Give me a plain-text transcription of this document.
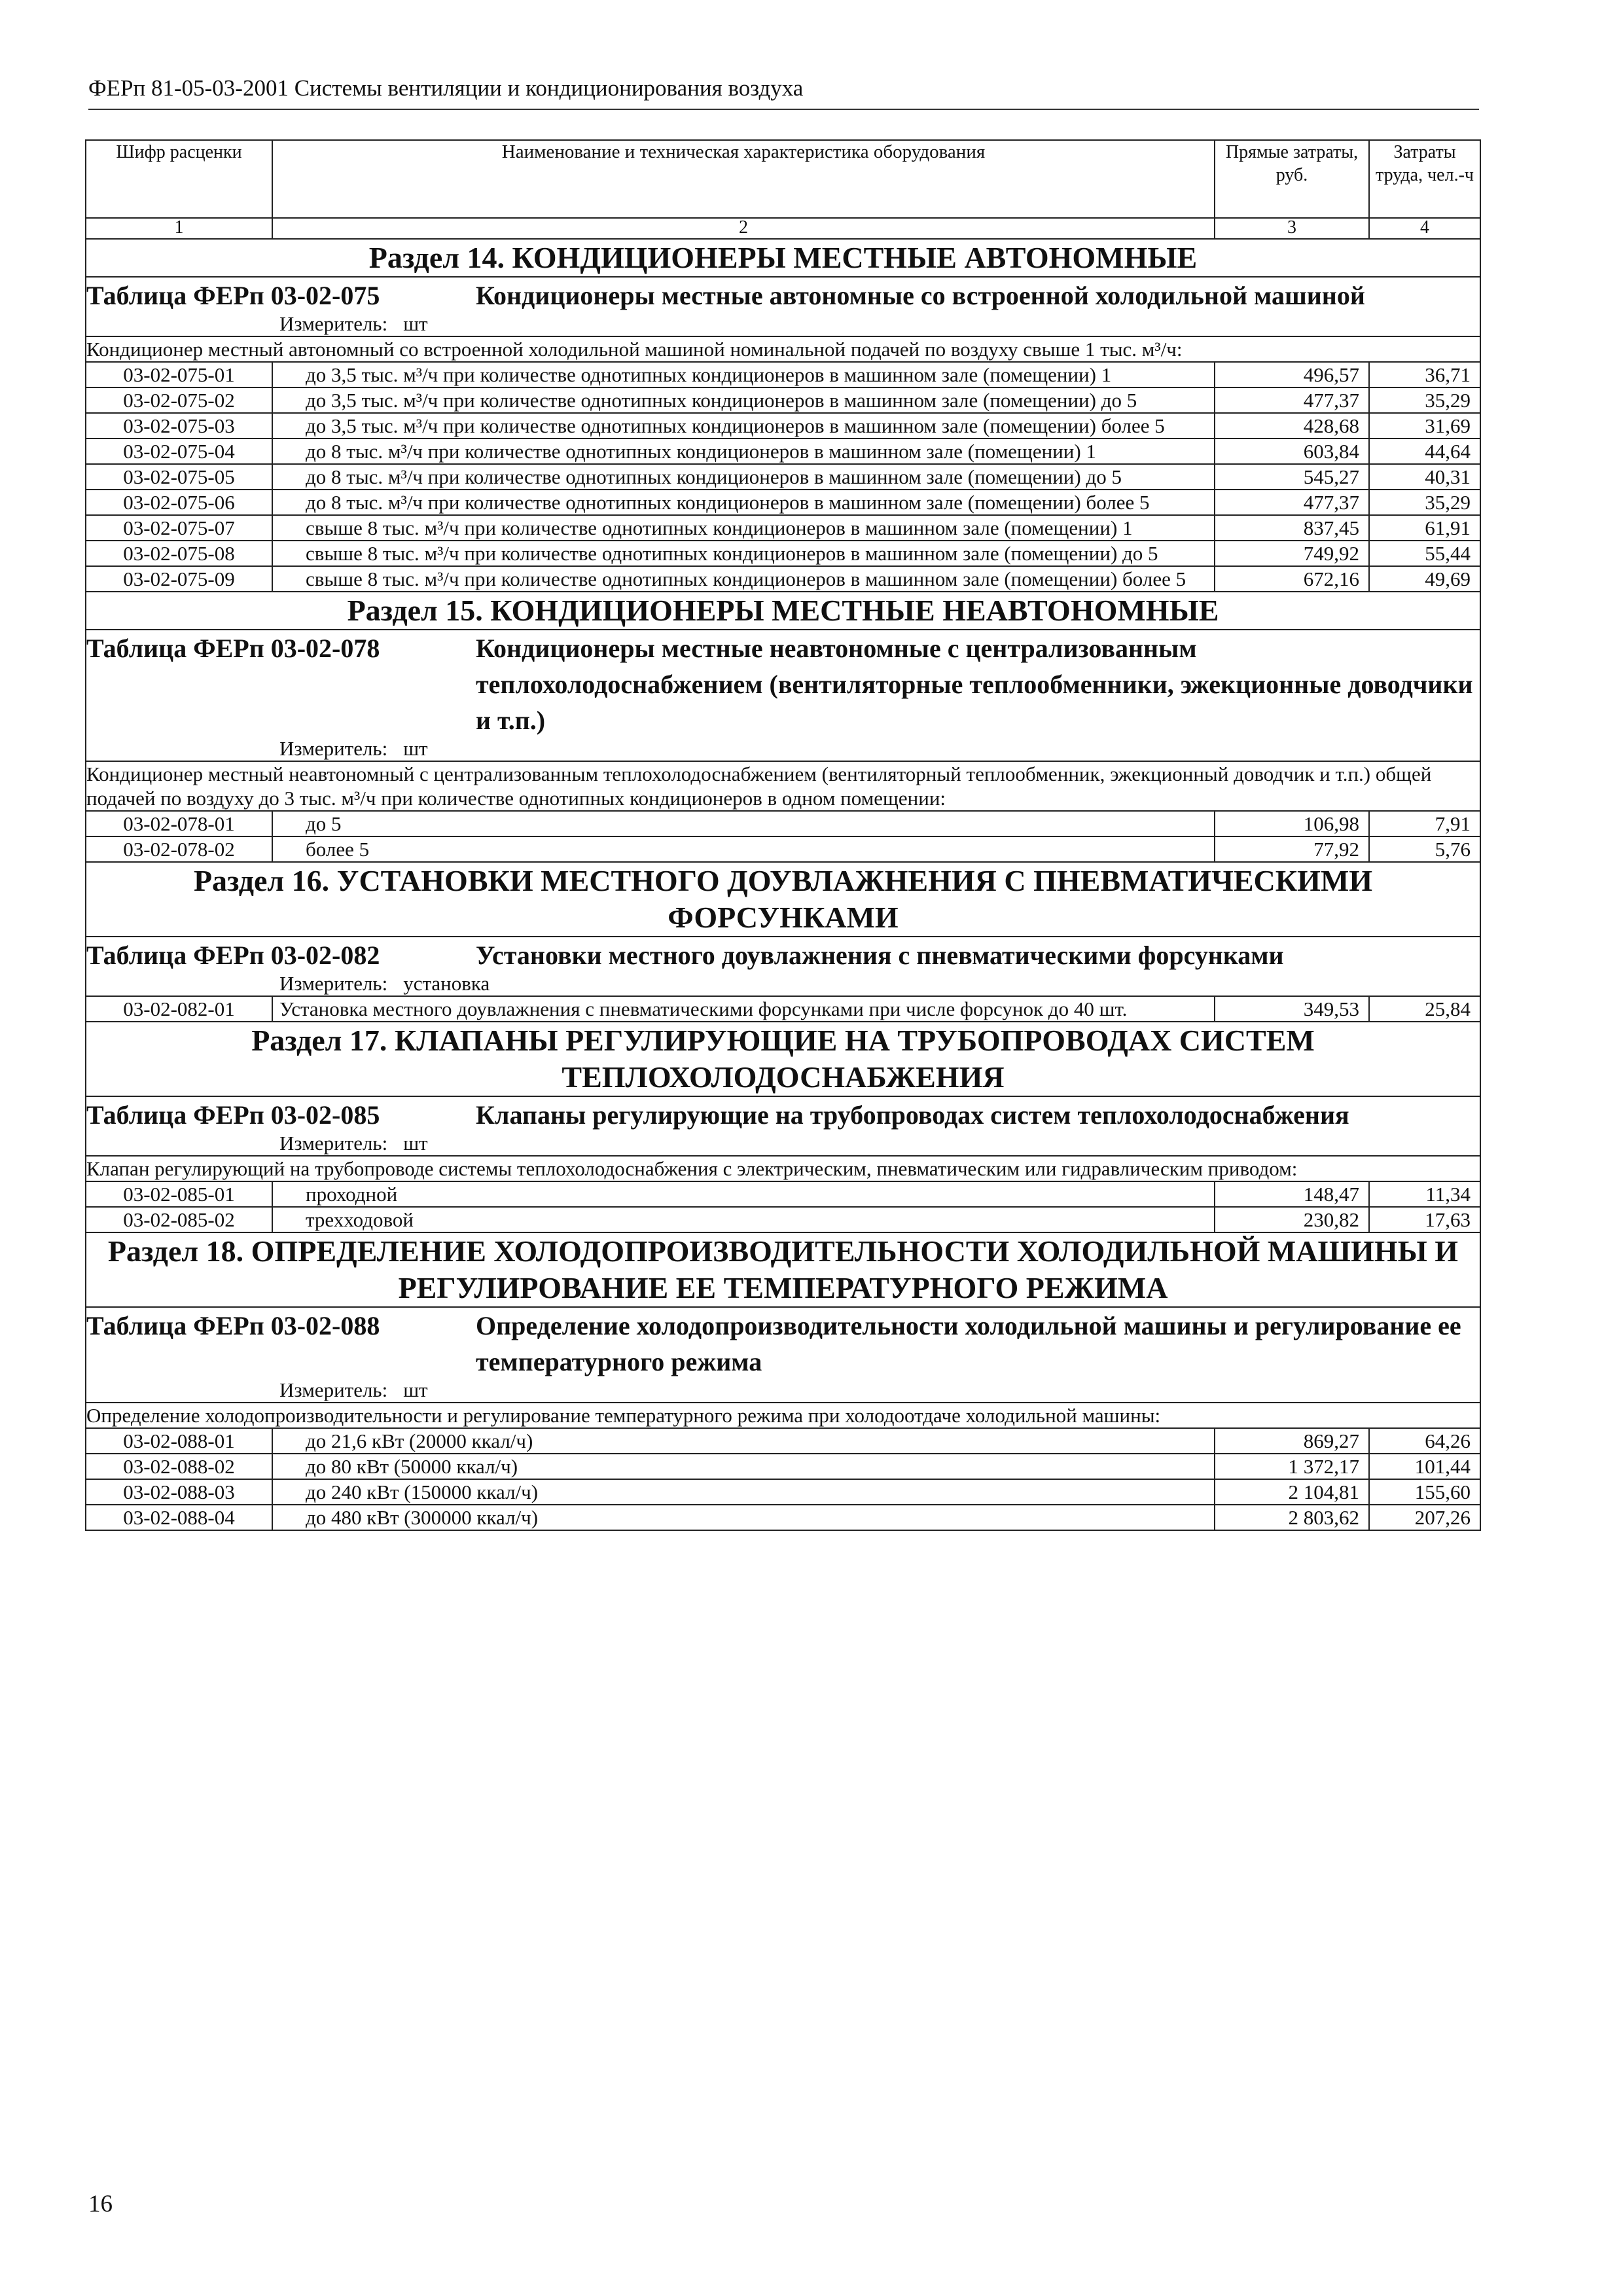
ФЕРп 81-05-03-2001 Системы вентиляции и кондиционирования воздуха
Шифр расценки	Наименование и техническая характеристика оборудования	Прямые затраты, руб.	Затраты труда, чел.-ч
1	2	3	4
Раздел 14. КОНДИЦИОНЕРЫ МЕСТНЫЕ АВТОНОМНЫЕ			

Таблица ФЕРп 03-02-075 Кондиционеры местные автономные со встроенной холодильной машиной
Измеритель: шт			

Кондиционер местный автономный со встроенной холодильной машиной номинальной подачей по воздуху свыше 1 тыс. м³/ч:			
03-02-075-01	до 3,5 тыс. м³/ч при количестве однотипных кондиционеров в машинном зале (помещении) 1	496,57	36,71
03-02-075-02	до 3,5 тыс. м³/ч при количестве однотипных кондиционеров в машинном зале (помещении) до 5	477,37	35,29
03-02-075-03	до 3,5 тыс. м³/ч при количестве однотипных кондиционеров в машинном зале (помещении) более 5	428,68	31,69
03-02-075-04	до 8 тыс. м³/ч при количестве однотипных кондиционеров в машинном зале (помещении) 1	603,84	44,64
03-02-075-05	до 8 тыс. м³/ч при количестве однотипных кондиционеров в машинном зале (помещении) до 5	545,27	40,31
03-02-075-06	до 8 тыс. м³/ч при количестве однотипных кондиционеров в машинном зале (помещении) более 5	477,37	35,29
03-02-075-07	свыше 8 тыс. м³/ч при количестве однотипных кондиционеров в машинном зале (помещении) 1	837,45	61,91
03-02-075-08	свыше 8 тыс. м³/ч при количестве однотипных кондиционеров в машинном зале (помещении) до 5	749,92	55,44
03-02-075-09	свыше 8 тыс. м³/ч при количестве однотипных кондиционеров в машинном зале (помещении) более 5	672,16	49,69
Раздел 15. КОНДИЦИОНЕРЫ МЕСТНЫЕ НЕАВТОНОМНЫЕ			

Таблица ФЕРп 03-02-078 Кондиционеры местные неавтономные с централизованным теплохолодоснабжением (вентиляторные теплообменники, эжекционные доводчики и т.п.)
Измеритель: шт			

Кондиционер местный неавтономный с централизованным теплохолодоснабжением (вентиляторный теплообменник, эжекционный доводчик и т.п.) общей подачей по воздуху до 3 тыс. м³/ч при количестве однотипных кондиционеров в одном помещении:			
03-02-078-01	до 5	106,98	7,91
03-02-078-02	более 5	77,92	5,76
Раздел 16. УСТАНОВКИ МЕСТНОГО ДОУВЛАЖНЕНИЯ С ПНЕВМАТИЧЕСКИМИ ФОРСУНКАМИ			

Таблица ФЕРп 03-02-082 Установки местного доувлажнения с пневматическими форсунками
Измеритель: установка			

03-02-082-01	Установка местного доувлажнения с пневматическими форсунками при числе форсунок до 40 шт.	349,53	25,84
Раздел 17. КЛАПАНЫ РЕГУЛИРУЮЩИЕ НА ТРУБОПРОВОДАХ СИСТЕМ ТЕПЛОХОЛОДОСНАБЖЕНИЯ			

Таблица ФЕРп 03-02-085 Клапаны регулирующие на трубопроводах систем теплохолодоснабжения
Измеритель: шт			

Клапан регулирующий на трубопроводе системы теплохолодоснабжения с электрическим, пневматическим или гидравлическим приводом:			
03-02-085-01	проходной	148,47	11,34
03-02-085-02	трехходовой	230,82	17,63
Раздел 18. ОПРЕДЕЛЕНИЕ ХОЛОДОПРОИЗВОДИТЕЛЬНОСТИ ХОЛОДИЛЬНОЙ МАШИНЫ И РЕГУЛИРОВАНИЕ ЕЕ ТЕМПЕРАТУРНОГО РЕЖИМА			

Таблица ФЕРп 03-02-088 Определение холодопроизводительности холодильной машины и регулирование ее температурного режима
Измеритель: шт			

Определение холодопроизводительности и регулирование температурного режима при холодоотдаче холодильной машины:			
03-02-088-01	до 21,6 кВт (20000 ккал/ч)	869,27	64,26
03-02-088-02	до 80 кВт (50000 ккал/ч)	1 372,17	101,44
03-02-088-03	до 240 кВт (150000 ккал/ч)	2 104,81	155,60
03-02-088-04	до 480 кВт (300000 ккал/ч)	2 803,62	207,26
16
